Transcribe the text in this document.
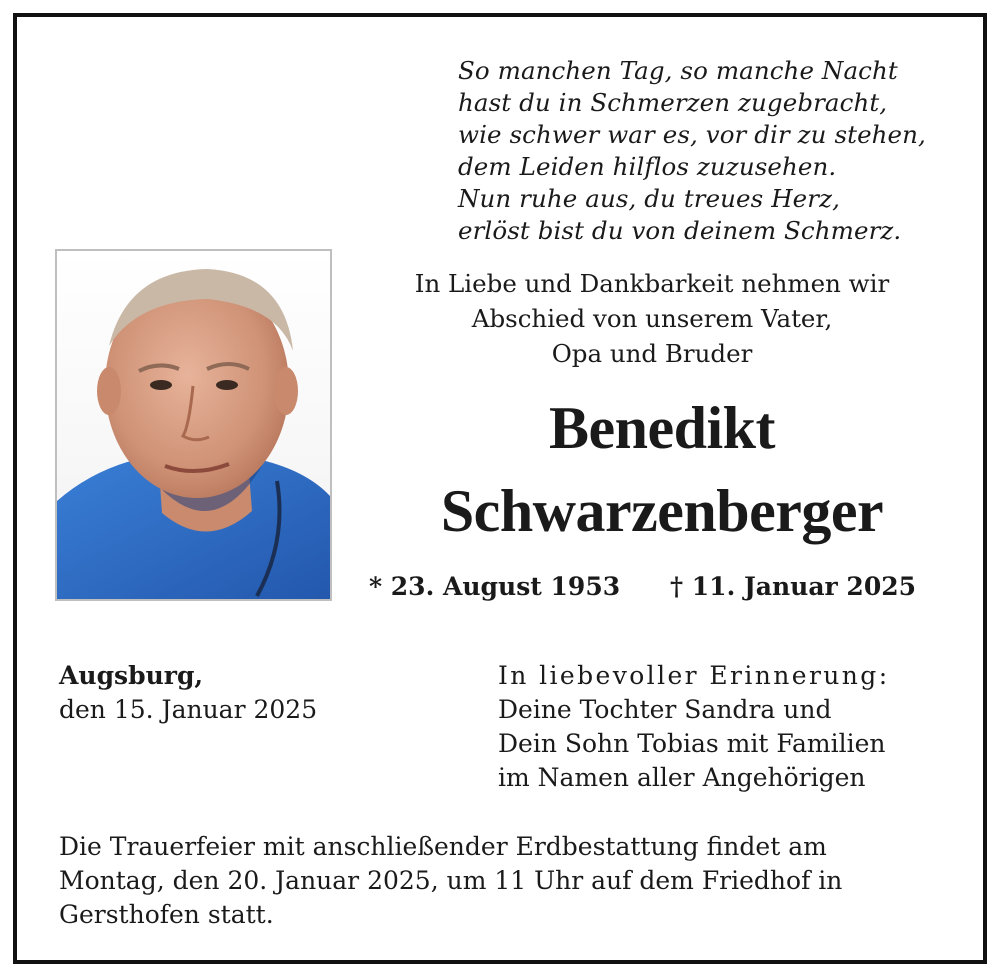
So manchen Tag, so manche Nacht
hast du in Schmerzen zugebracht,
wie schwer war es, vor dir zu stehen,
dem Leiden hilflos zuzusehen.
Nun ruhe aus, du treues Herz,
erlöst bist du von deinem Schmerz.
In Liebe und Dankbarkeit nehmen wir
Abschied von unserem Vater,
Opa und Bruder
Benedikt
Schwarzenberger
* 23. August 1953 † 11. Januar 2025
Augsburg,
den 15. Januar 2025
In liebevoller Erinnerung:
Deine Tochter Sandra und
Dein Sohn Tobias mit Familien
im Namen aller Angehörigen
Die Trauerfeier mit anschließender Erdbestattung findet am
Montag, den 20. Januar 2025, um 11 Uhr auf dem Friedhof in
Gersthofen statt.
